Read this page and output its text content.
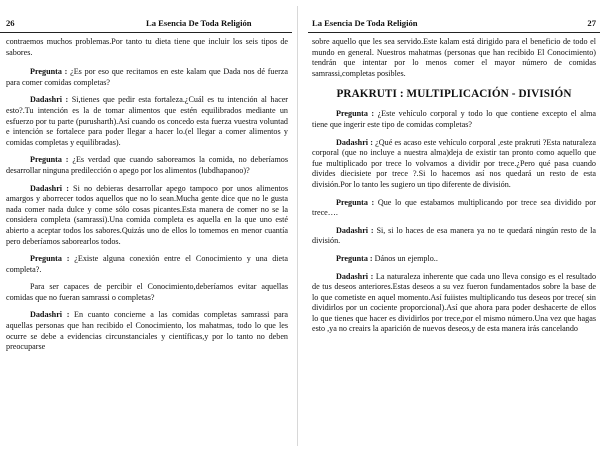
26	La Esencia De Toda Religión

contraemos muchos problemas.Por tanto tu dieta tiene que incluir los seis tipos de sabores.

Pregunta : ¿Es por eso que recitamos en este kalam que Dada nos dé fuerza para comer comidas completas?

Dadashri : Si,tienes que pedir esta fortaleza.¿Cuál es tu intención al hacer esto?.Tu intención es la de tomar alimentos que estén equilibrados mediante un esfuerzo por tu parte (purusharth).Así cuando os concedo esta fuerza vuestra voluntad e intención se fortalece para poder llegar a hacer lo.(el llegar a comer alimentos y comidas completas y equilibradas).

Pregunta : ¿Es verdad que cuando saboreamos la comida, no deberíamos desarrollar ninguna predilección o apego por los alimentos (lubdhapanoo)?

Dadashri : Si no debieras desarrollar apego tampoco por unos alimentos amargos y aborrecer todos aquellos que no lo sean.Mucha gente dice que no le gusta nada comer nada dulce y come sólo cosas picantes.Esta manera de comer no se la considera completa (samrassi).Una comida completa es aquella en la que uno esté abierto a aceptar todos los sabores.Quizás uno de ellos lo tomemos en menor cuantía pero deberíamos saborearlos todos.

Pregunta : ¿Existe alguna conexión entre el Conocimiento y una dieta completa?.

Para ser capaces de percibir el Conocimiento,deberíamos evitar aquellas comidas que no fueran samrassi o completas?

Dadashri : En cuanto concierne a las comidas completas samrassi para aquellas personas que han recibido el Conocimiento, los mahatmas, todo lo que les ocurre se debe a evidencias circunstanciales y científicas,y por lo tanto no deben preocuparse

La Esencia De Toda Religión	27

sobre aquello que les sea servido.Este kalam está dirigido para el beneficio de todo el mundo en general. Nuestros mahatmas (personas que han recibido El Conocimiento) tendrán que intentar por lo menos comer el mayor número de comidas samrassi,completas posibles.

PRAKRUTI : MULTIPLICACIÓN - DIVISIÓN

Pregunta : ¿Este vehículo corporal y todo lo que contiene excepto el alma tiene que ingerir este tipo de comidas completas?

Dadashri : ¿Qué es acaso este vehículo corporal ,este prakruti ?Esta naturaleza corporal (que no incluye a nuestra alma)deja de existir tan pronto como aquello que fue multiplicado por trece lo volvamos a dividir por trece.¿Pero qué pasa cuando divides diecisiete por trece ?.Si lo hacemos así nos quedará un resto de esta división.Por lo tanto les sugiero un tipo diferente de división.

Pregunta : Que lo que estabamos multiplicando por trece sea dividido por trece….

Dadashri : Si, si lo haces de esa manera ya no te quedará ningún resto de la división.

Pregunta : Dános un ejemplo..

Dadashri : La naturaleza inherente que cada uno lleva consigo es el resultado de tus deseos anteriores.Estas deseos a su vez fueron fundamentados sobre la base de lo que cometiste en aquel momento.Así fuiistes multiplicando tus deseos por trece( sin dividirlos por un cociente proporcional).Así que ahora para poder deshacerte de ellos lo que tienes que hacer es dividirlos por trece,por el mismo número.Una vez que hagas esto ,ya no creairs la aparición de nuevos deseos,y de esta manera irás cancelando
